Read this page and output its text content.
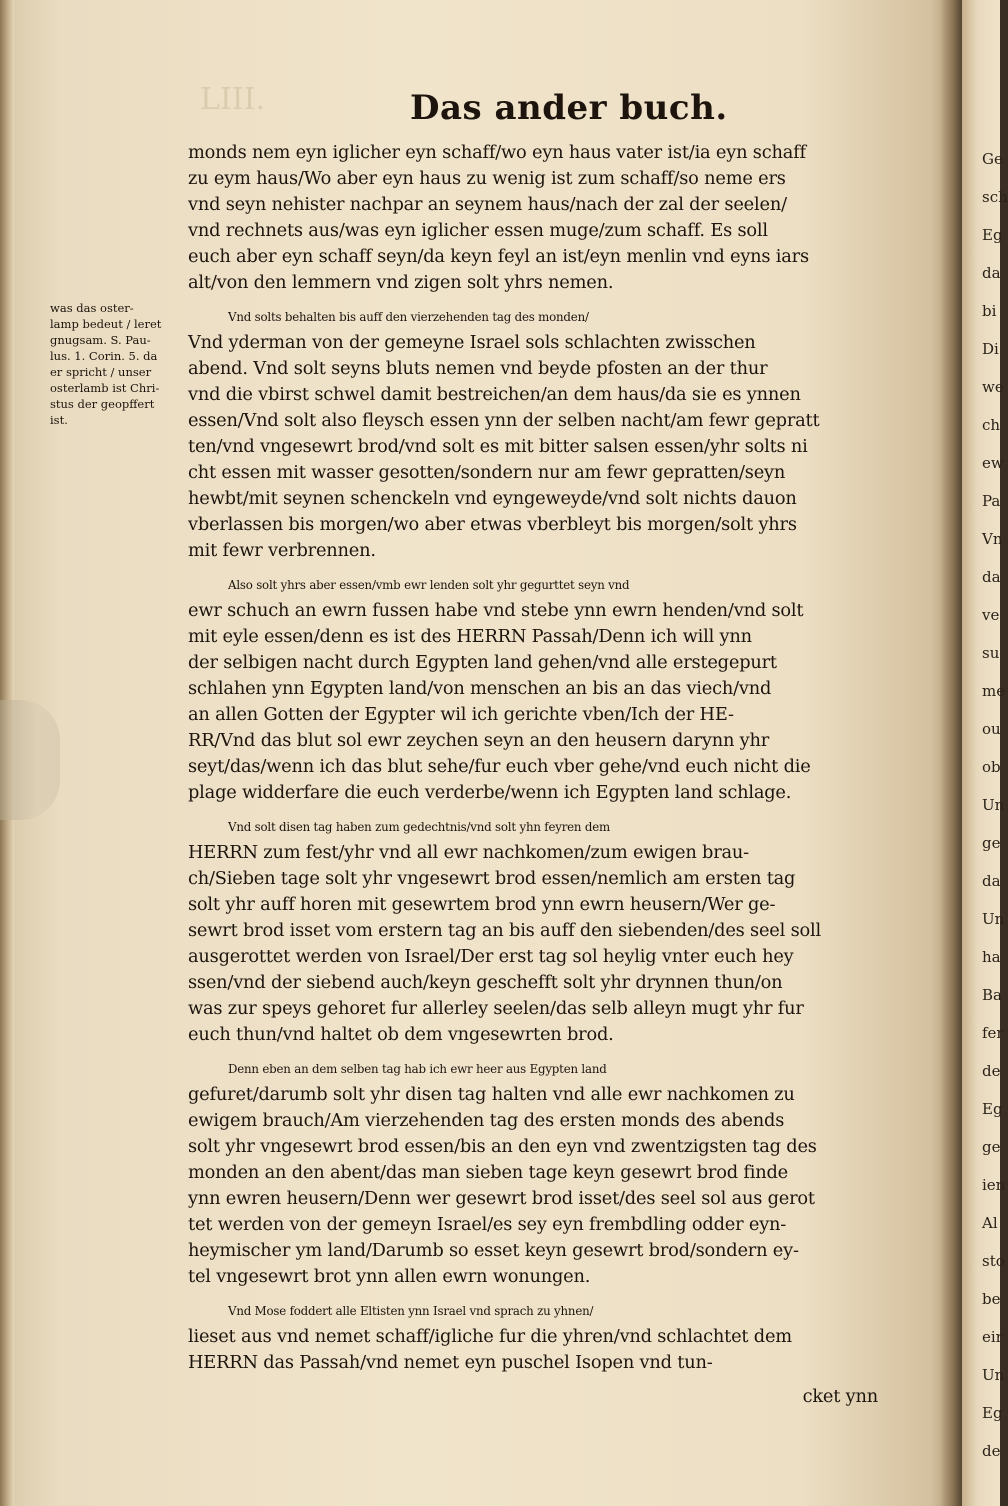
LIII.	Das ander buch.
was das oster-
lamp bedeut / leret
gnugsam. S. Pau-
lus. 1. Corin. 5. da
er spricht / unser
osterlamb ist Chri-
stus der geopffert
ist.
monds nem eyn iglicher eyn schaff/wo eyn haus vater ist/ia eyn schaff
zu eym haus/Wo aber eyn haus zu wenig ist zum schaff/so neme ers
vnd seyn nehister nachpar an seynem haus/nach der zal der seelen/
vnd rechnets aus/was eyn iglicher essen muge/zum schaff. Es soll
euch aber eyn schaff seyn/da keyn feyl an ist/eyn menlin vnd eyns iars
alt/von den lemmern vnd zigen solt yhrs nemen.
Vnd solts behalten bis auff den vierzehenden tag des monden/
Vnd yderman von der gemeyne Israel sols schlachten zwisschen
abend. Vnd solt seyns bluts nemen vnd beyde pfosten an der thur
vnd die vbirst schwel damit bestreichen/an dem haus/da sie es ynnen
essen/Vnd solt also fleysch essen ynn der selben nacht/am fewr gepratt
ten/vnd vngesewrt brod/vnd solt es mit bitter salsen essen/yhr solts ni
cht essen mit wasser gesotten/sondern nur am fewr gepratten/seyn
hewbt/mit seynen schenckeln vnd eyngeweyde/vnd solt nichts dauon
vberlassen bis morgen/wo aber etwas vberbleyt bis morgen/solt yhrs
mit fewr verbrennen.
Also solt yhrs aber essen/vmb ewr lenden solt yhr gegurttet seyn vnd
ewr schuch an ewrn fussen habe vnd stebe ynn ewrn henden/vnd solt
mit eyle essen/denn es ist des HERRN Passah/Denn ich will ynn
der selbigen nacht durch Egypten land gehen/vnd alle erstegepurt
schlahen ynn Egypten land/von menschen an bis an das viech/vnd
an allen Gotten der Egypter wil ich gerichte vben/Ich der HE-
RR/Vnd das blut sol ewr zeychen seyn an den heusern darynn yhr
seyt/das/wenn ich das blut sehe/fur euch vber gehe/vnd euch nicht die
plage widderfare die euch verderbe/wenn ich Egypten land schlage.
Vnd solt disen tag haben zum gedechtnis/vnd solt yhn feyren dem
HERRN zum fest/yhr vnd all ewr nachkomen/zum ewigen brau-
ch/Sieben tage solt yhr vngesewrt brod essen/nemlich am ersten tag
solt yhr auff horen mit gesewrtem brod ynn ewrn heusern/Wer ge-
sewrt brod isset vom erstern tag an bis auff den siebenden/des seel soll
ausgerottet werden von Israel/Der erst tag sol heylig vnter euch hey
ssen/vnd der siebend auch/keyn geschefft solt yhr drynnen thun/on
was zur speys gehoret fur allerley seelen/das selb alleyn mugt yhr fur
euch thun/vnd haltet ob dem vngesewrten brod.
Denn eben an dem selben tag hab ich ewr heer aus Egypten land
gefuret/darumb solt yhr disen tag halten vnd alle ewr nachkomen zu
ewigem brauch/Am vierzehenden tag des ersten monds des abends
solt yhr vngesewrt brod essen/bis an den eyn vnd zwentzigsten tag des
monden an den abent/das man sieben tage keyn gesewrt brod finde
ynn ewren heusern/Denn wer gesewrt brod isset/des seel sol aus gerot
tet werden von der gemeyn Israel/es sey eyn frembdling odder eyn-
heymischer ym land/Darumb so esset keyn gesewrt brod/sondern ey-
tel vngesewrt brot ynn allen ewrn wonungen.
Vnd Mose foddert alle Eltisten ynn Israel vnd sprach zu yhnen/
lieset aus vnd nemet schaff/igliche fur die yhren/vnd schlachtet dem
HERRN das Passah/vnd nemet eyn puschel Isopen vnd tun-
cket ynn
Ge
sch
Eg
da
bi
Di
we
ch
ew
Pa
Vn
da
ve
su
me
ou
ob
Un
ge
da
Un
ha
Ba
fer
de
Eg
ge
ien
Al
sto
be
eir
Un
Eg
de
